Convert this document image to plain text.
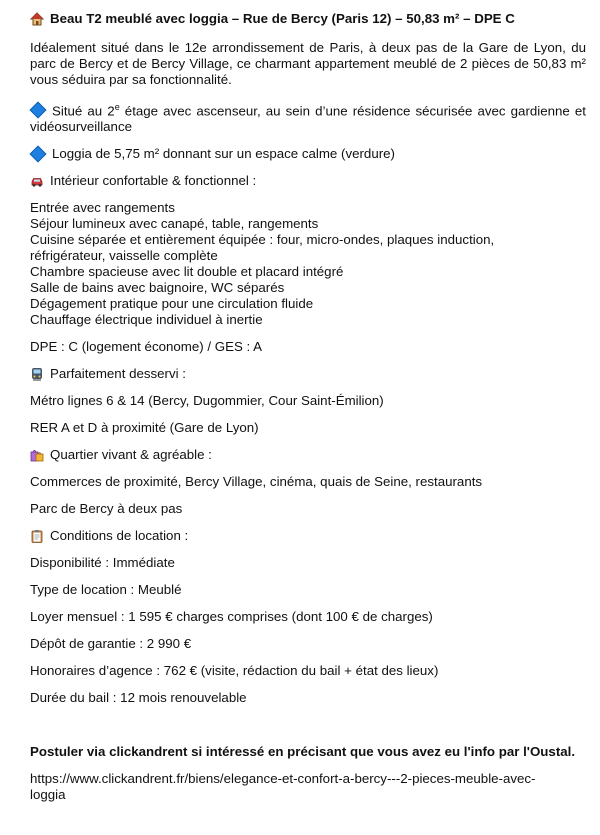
Beau T2 meublé avec loggia – Rue de Bercy (Paris 12) – 50,83 m² – DPE C
Idéalement situé dans le 12e arrondissement de Paris, à deux pas de la Gare de Lyon, du parc de Bercy et de Bercy Village, ce charmant appartement meublé de 2 pièces de 50,83 m² vous séduira par sa fonctionnalité.
Situé au 2e étage avec ascenseur, au sein d’une résidence sécurisée avec gardienne et vidéosurveillance
Loggia de 5,75 m² donnant sur un espace calme (verdure)
Intérieur confortable & fonctionnel :
Entrée avec rangements
Séjour lumineux avec canapé, table, rangements
Cuisine séparée et entièrement équipée : four, micro-ondes, plaques induction,
réfrigérateur, vaisselle complète
Chambre spacieuse avec lit double et placard intégré
Salle de bains avec baignoire, WC séparés
Dégagement pratique pour une circulation fluide
Chauffage électrique individuel à inertie
DPE : C (logement économe) / GES : A
Parfaitement desservi :
Métro lignes 6 & 14 (Bercy, Dugommier, Cour Saint-Émilion)
RER A et D à proximité (Gare de Lyon)
Quartier vivant & agréable :
Commerces de proximité, Bercy Village, cinéma, quais de Seine, restaurants
Parc de Bercy à deux pas
Conditions de location :
Disponibilité : Immédiate
Type de location : Meublé
Loyer mensuel : 1 595 € charges comprises (dont 100 € de charges)
Dépôt de garantie : 2 990 €
Honoraires d’agence : 762 € (visite, rédaction du bail + état des lieux)
Durée du bail : 12 mois renouvelable
Postuler via clickandrent si intéressé en précisant que vous avez eu l'info par l'Oustal.
https://www.clickandrent.fr/biens/elegance-et-confort-a-bercy---2-pieces-meuble-avec-
loggia
